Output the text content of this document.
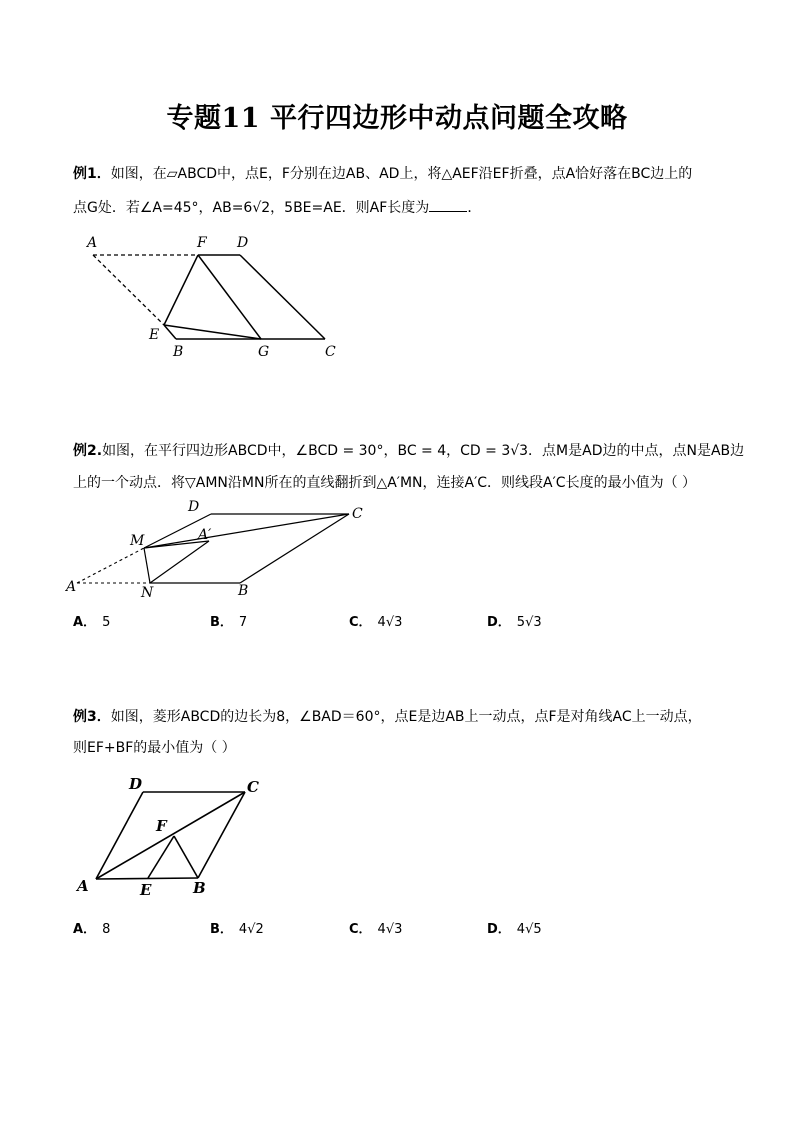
专题11 平行四边形中动点问题全攻略
例1．如图，在▱ABCD中，点E，F分别在边AB、AD上，将△AEF沿EF折叠，点A恰好落在BC边上的
点G处．若∠A=45°，AB=6√2，5BE=AE．则AF长度为	．
A	F D
E
B	G	C
例2.如图，在平行四边形ABCD中，∠BCD = 30°，BC = 4，CD = 3√3．点M是AD边的中点，点N是AB边
上的一个动点．将▽AMN沿MN所在的直线翻折到△A′MN，连接A′C．则线段A′C长度的最小值为（ ）
D	C
M	A′
A	N	B
A． 5	B． 7	C． 4√3	D． 5√3
例3．如图，菱形ABCD的边长为8，∠BAD＝60°，点E是边AB上一动点，点F是对角线AC上一动点，
则EF+BF的最小值为（ ）
D	C
F
A	E	B
A． 8	B． 4√2	C． 4√3	D． 4√5
